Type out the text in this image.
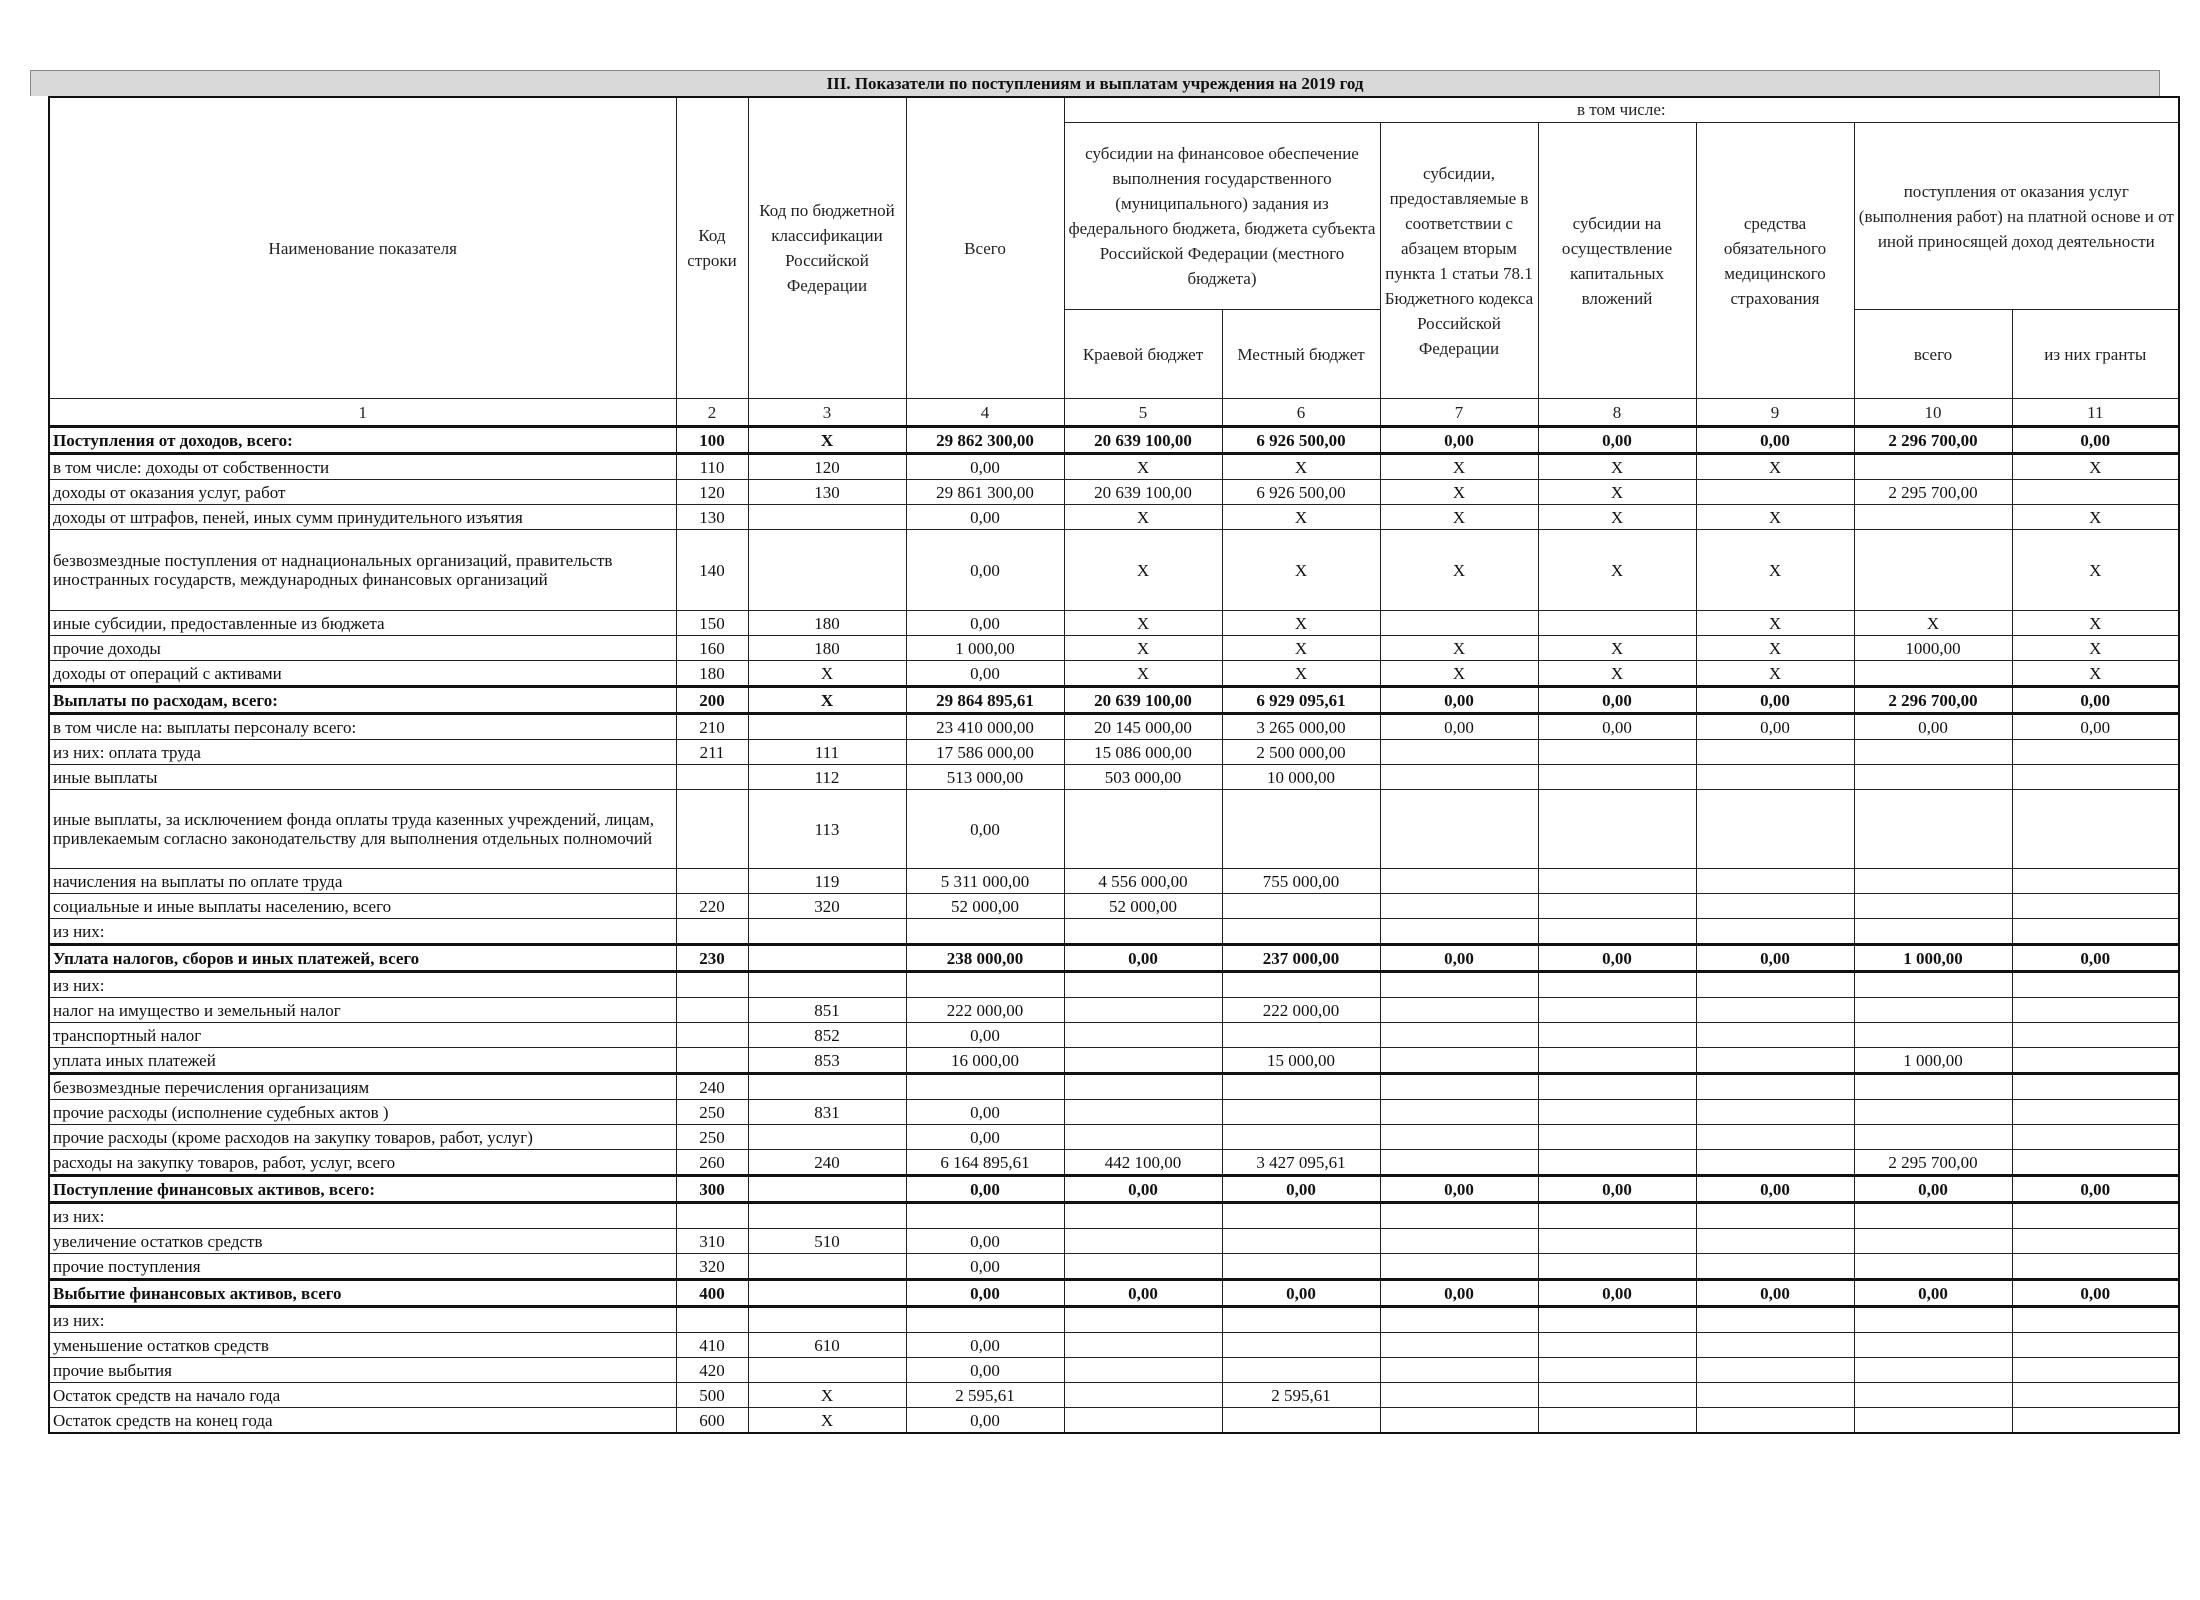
III. Показатели по поступлениям и выплатам учреждения на 2019 год
Наименование показателя	Код строки	Код по бюджетной классификации Российской Федерации	Всего	в том числе:						
				субсидии на финансовое обеспечение выполнения государственного (муниципального) задания из федерального бюджета, бюджета субъекта Российской Федерации (местного бюджета)		субсидии, предоставляемые в соответствии с абзацем вторым пункта 1 статьи 78.1 Бюджетного кодекса Российской Федерации	субсидии на осуществление капитальных вложений	средства обязательного медицинского страхования	поступления от оказания услуг (выполнения работ) на платной основе и от иной приносящей доход деятельности	
				Краевой бюджет	Местный бюджет				всего	из них гранты
1	2	3	4	5	6	7	8	9	10	11
Поступления от доходов, всего:	100	X	29 862 300,00	20 639 100,00	6 926 500,00	0,00	0,00	0,00	2 296 700,00	0,00
в том числе: доходы от собственности	110	120	0,00	X	X	X	X	X		X
доходы от оказания услуг, работ	120	130	29 861 300,00	20 639 100,00	6 926 500,00	X	X		2 295 700,00	
доходы от штрафов, пеней, иных сумм принудительного изъятия	130		0,00	X	X	X	X	X		X
безвозмездные поступления от наднациональных организаций, правительств иностранных государств, международных финансовых организаций	140		0,00	X	X	X	X	X		X
иные субсидии, предоставленные из бюджета	150	180	0,00	X	X			X	X	X
прочие доходы	160	180	1 000,00	X	X	X	X	X	1000,00	X
доходы от операций с активами	180	X	0,00	X	X	X	X	X		X
Выплаты по расходам, всего:	200	X	29 864 895,61	20 639 100,00	6 929 095,61	0,00	0,00	0,00	2 296 700,00	0,00
в том числе на: выплаты персоналу всего:	210		23 410 000,00	20 145 000,00	3 265 000,00	0,00	0,00	0,00	0,00	0,00
из них: оплата труда	211	111	17 586 000,00	15 086 000,00	2 500 000,00					
иные выплаты		112	513 000,00	503 000,00	10 000,00					
иные выплаты, за исключением фонда оплаты труда казенных учреждений, лицам, привлекаемым согласно законодательству для выполнения отдельных полномочий		113	0,00							
начисления на выплаты по оплате труда		119	5 311 000,00	4 556 000,00	755 000,00					
социальные и иные выплаты населению, всего	220	320	52 000,00	52 000,00						
из них:										
Уплата налогов, сборов и иных платежей, всего	230		238 000,00	0,00	237 000,00	0,00	0,00	0,00	1 000,00	0,00
из них:										
налог на имущество и земельный налог		851	222 000,00		222 000,00					
транспортный налог		852	0,00							
уплата иных платежей		853	16 000,00		15 000,00				1 000,00	
безвозмездные перечисления организациям	240									
прочие расходы (исполнение судебных актов )	250	831	0,00							
прочие расходы (кроме расходов на закупку товаров, работ, услуг)	250		0,00							
расходы на закупку товаров, работ, услуг, всего	260	240	6 164 895,61	442 100,00	3 427 095,61				2 295 700,00	
Поступление финансовых активов, всего:	300		0,00	0,00	0,00	0,00	0,00	0,00	0,00	0,00
из них:										
увеличение остатков средств	310	510	0,00							
прочие поступления	320		0,00							
Выбытие финансовых активов, всего	400		0,00	0,00	0,00	0,00	0,00	0,00	0,00	0,00
из них:										
уменьшение остатков средств	410	610	0,00							
прочие выбытия	420		0,00							
Остаток средств на начало года	500	X	2 595,61		2 595,61					
Остаток средств на конец года	600	X	0,00							
